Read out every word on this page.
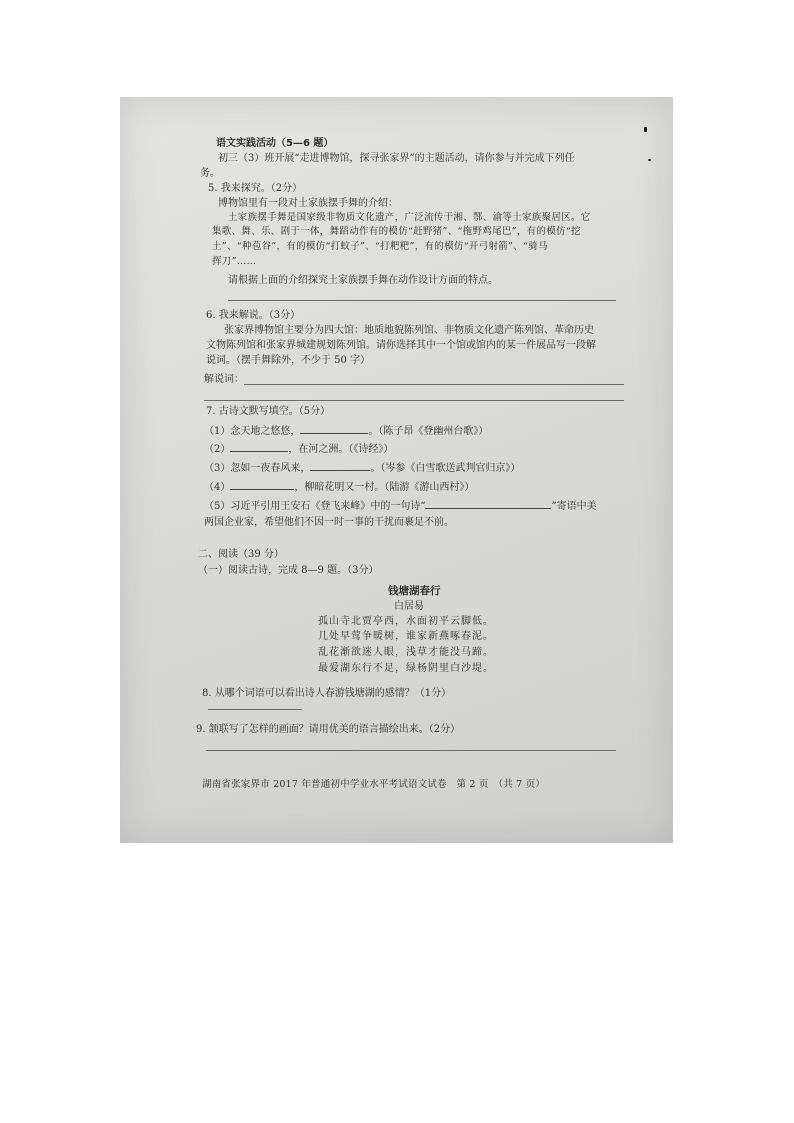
语文实践活动（5—6 题）
初三（3）班开展“走进博物馆，探寻张家界”的主题活动，请你参与并完成下列任
务。
5. 我来探究。（2分）
博物馆里有一段对土家族摆手舞的介绍：
土家族摆手舞是国家级非物质文化遗产，广泛流传于湘、鄂、渝等土家族聚居区。它
集歌、舞、乐、剧于一体，舞蹈动作有的模仿“赶野猪”、“拖野鸡尾巴”，有的模仿“挖
土”、“种苞谷”，有的模仿“打蚊子”、“打粑粑”，有的模仿“开弓射箭”、“骑马
挥刀”……
请根据上面的介绍探究土家族摆手舞在动作设计方面的特点。
6. 我来解说。（3分）
张家界博物馆主要分为四大馆：地质地貌陈列馆、非物质文化遗产陈列馆、革命历史
文物陈列馆和张家界城建规划陈列馆。请你选择其中一个馆或馆内的某一件展品写一段解
说词。（摆手舞除外，不少于 50 字）
解说词：
7. 古诗文默写填空。（5分）
（1）念天地之悠悠，	。（陈子昂《登幽州台歌》）
（2）	，在河之洲。（《诗经》）
（3）忽如一夜春风来，	。（岑参《白雪歌送武判官归京》）
（4）	，柳暗花明又一村。（陆游《游山西村》）
（5）习近平引用王安石《登飞来峰》中的一句诗“	”寄语中美
两国企业家，希望他们不因一时一事的干扰而裹足不前。
二、阅读（39 分）
（一）阅读古诗，完成 8—9 题。（3分）
钱塘湖春行
白居易
孤山寺北贾亭西，水面初平云脚低。
几处早莺争暖树，谁家新燕啄春泥。
乱花渐欲迷人眼，浅草才能没马蹄。
最爱湖东行不足，绿杨阴里白沙堤。
8. 从哪个词语可以看出诗人春游钱塘湖的感情？（1分）
9. 颔联写了怎样的画面？请用优美的语言描绘出来。（2分）
湖南省张家界市 2017 年普通初中学业水平考试语文试卷　第 2 页　（共 7 页）
